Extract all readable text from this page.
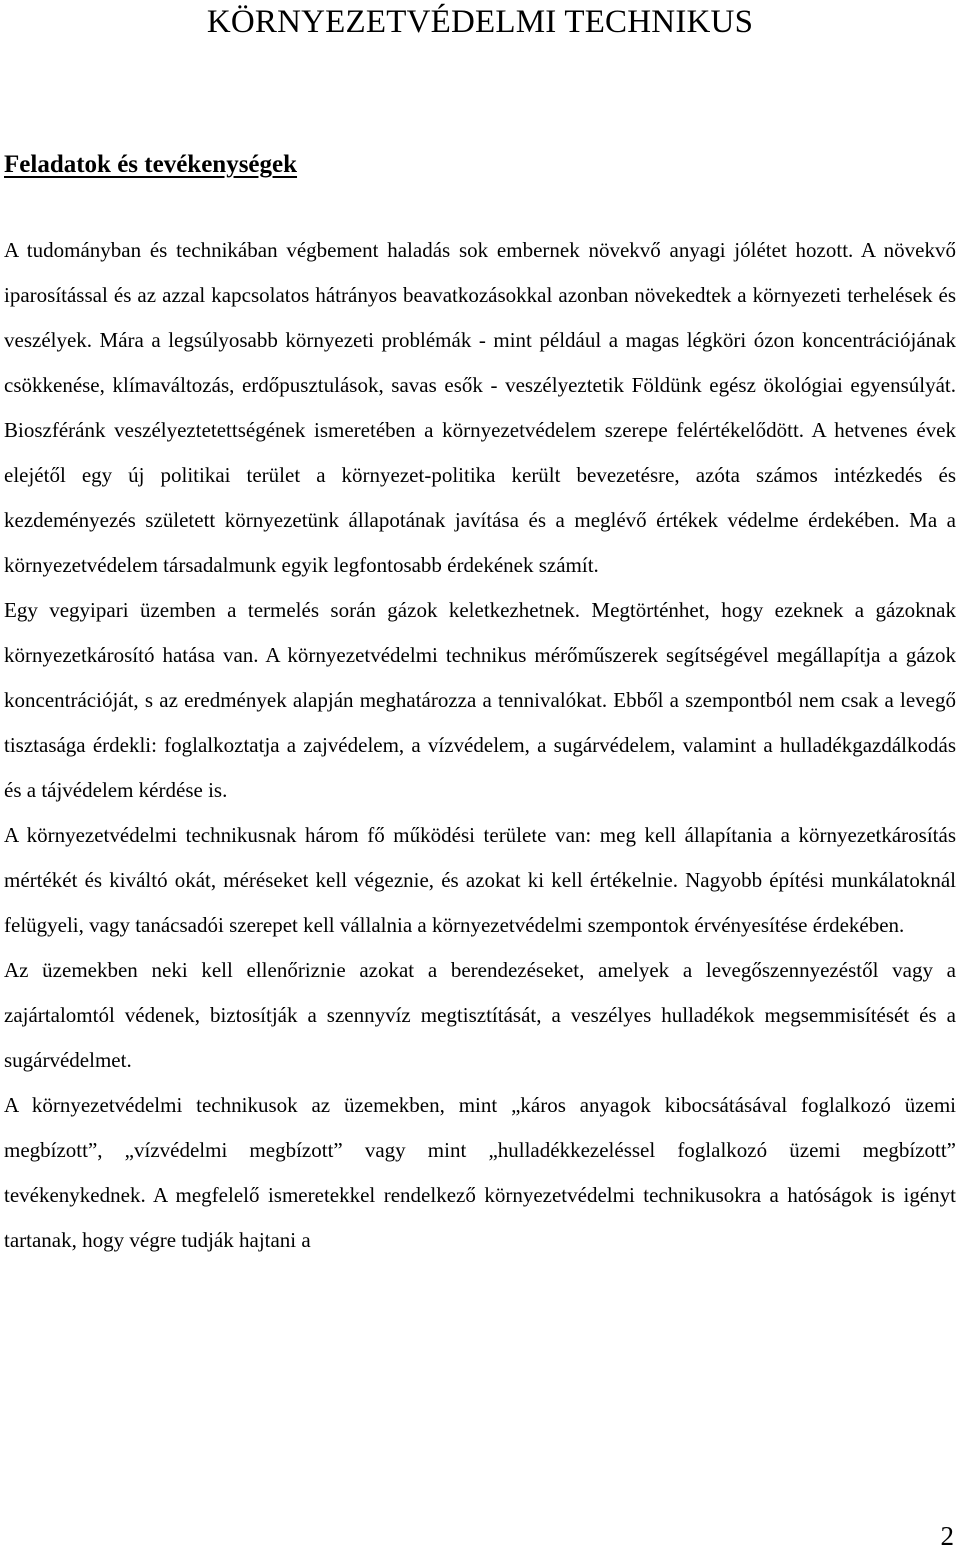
KÖRNYEZETVÉDELMI TECHNIKUS
Feladatok és tevékenységek

A tudományban és technikában végbement haladás sok embernek növekvő anyagi jólétet hozott. A növekvő iparosítással és az azzal kapcsolatos hátrányos beavatkozásokkal azonban növekedtek a környezeti terhelések és veszélyek. Mára a legsúlyosabb környezeti problémák - mint például a magas légköri ózon koncentrációjának csökkenése, klímaváltozás, erdőpusztulások, savas esők - veszélyeztetik Földünk egész ökológiai egyensúlyát. Bioszféránk veszélyeztetettségének ismeretében a környezetvédelem szerepe felértékelődött. A hetvenes évek elejétől egy új politikai terület a környezet-politika került bevezetésre, azóta számos intézkedés és kezdeményezés született környezetünk állapotának javítása és a meglévő értékek védelme érdekében. Ma a környezetvédelem társadalmunk egyik legfontosabb érdekének számít.

Egy vegyipari üzemben a termelés során gázok keletkezhetnek. Megtörténhet, hogy ezeknek a gázoknak környezetkárosító hatása van. A környezetvédelmi technikus mérőműszerek segítségével megállapítja a gázok koncentrációját, s az eredmények alapján meghatározza a tennivalókat. Ebből a szempontból nem csak a levegő tisztasága érdekli: foglalkoztatja a zajvédelem, a vízvédelem, a sugárvédelem, valamint a hulladékgazdálkodás és a tájvédelem kérdése is.

A környezetvédelmi technikusnak három fő működési területe van: meg kell állapítania a környezetkárosítás mértékét és kiváltó okát, méréseket kell végeznie, és azokat ki kell értékelnie. Nagyobb építési munkálatoknál felügyeli, vagy tanácsadói szerepet kell vállalnia a környezetvédelmi szempontok érvényesítése érdekében.

Az üzemekben neki kell ellenőriznie azokat a berendezéseket, amelyek a levegőszennyezéstől vagy a zajártalomtól védenek, biztosítják a szennyvíz megtisztítását, a veszélyes hulladékok megsemmisítését és a sugárvédelmet.

A környezetvédelmi technikusok az üzemekben, mint „káros anyagok kibocsátásával foglalkozó üzemi megbízott”, „vízvédelmi megbízott” vagy mint „hulladékkezeléssel foglalkozó üzemi megbízott” tevékenykednek. A megfelelő ismeretekkel rendelkező környezetvédelmi technikusokra a hatóságok is igényt tartanak, hogy végre tudják hajtani a

2
